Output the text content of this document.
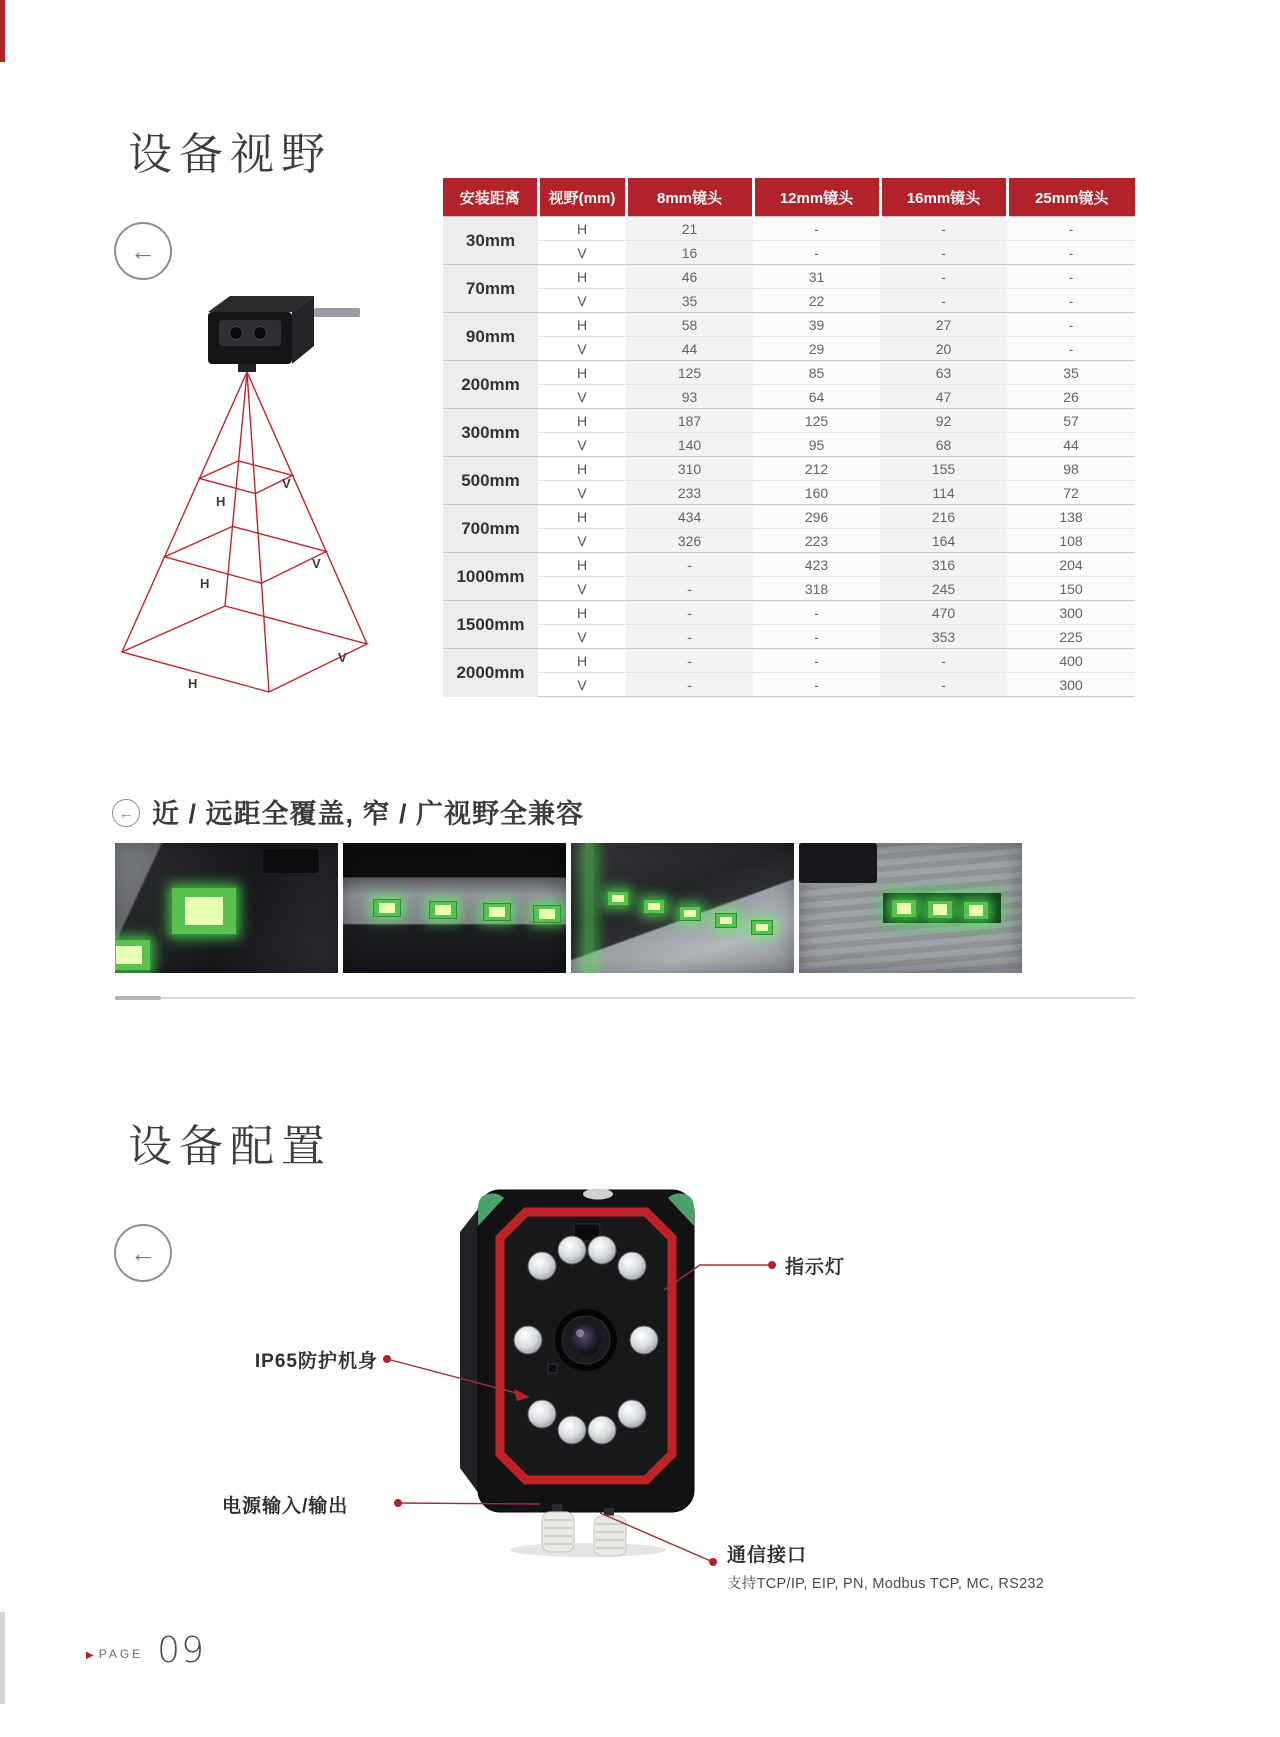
设备视野
←
H
V
H
V
H
V
安装距离	视野(mm)	8mm镜头	12mm镜头	16mm镜头	25mm镜头
30mm	H	21	-	-	-
	V	16	-	-	-
70mm	H	46	31	-	-
	V	35	22	-	-
90mm	H	58	39	27	-
	V	44	29	20	-
200mm	H	125	85	63	35
	V	93	64	47	26
300mm	H	187	125	92	57
	V	140	95	68	44
500mm	H	310	212	155	98
	V	233	160	114	72
700mm	H	434	296	216	138
	V	326	223	164	108
1000mm	H	-	423	316	204
	V	-	318	245	150
1500mm	H	-	-	470	300
	V	-	-	353	225
2000mm	H	-	-	-	400
	V	-	-	-	300
← 近 / 远距全覆盖, 窄 / 广视野全兼容
设备配置
←	指示灯
IP65防护机身
电源输入/输出
通信接口
支持TCP/IP, EIP, PN, Modbus TCP, MC, RS232
▶ PAGE 09
